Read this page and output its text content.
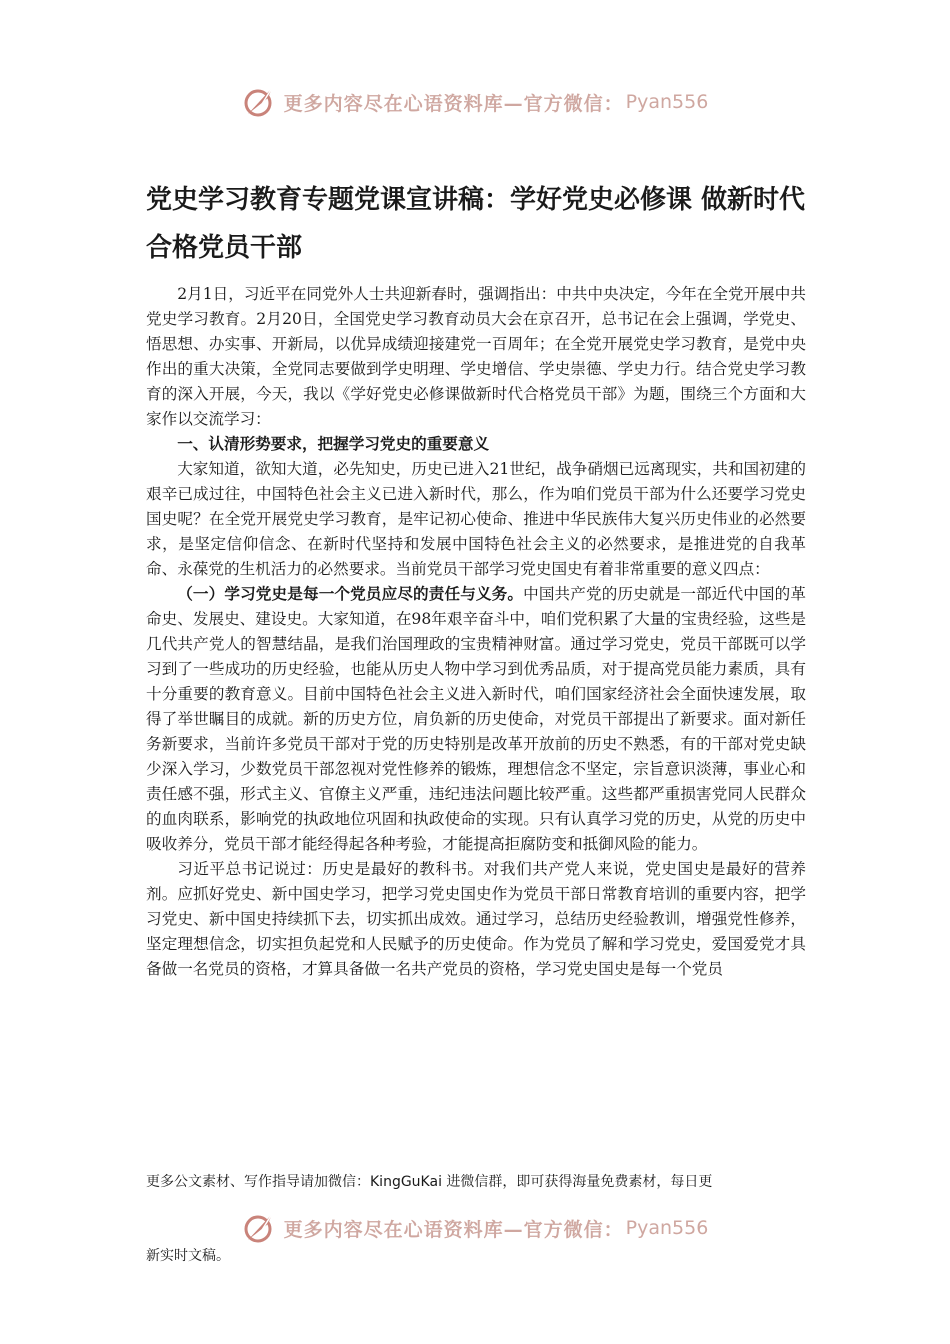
更多内容尽在心语资料库—官方微信： Pyan556
党史学习教育专题党课宣讲稿：学好党史必修课 做新时代合格党员干部

2月1日，习近平在同党外人士共迎新春时，强调指出：中共中央决定，今年在全党开展中共党史学习教育。2月20日，全国党史学习教育动员大会在京召开，总书记在会上强调，学党史、悟思想、办实事、开新局，以优异成绩迎接建党一百周年；在全党开展党史学习教育，是党中央作出的重大决策，全党同志要做到学史明理、学史增信、学史崇德、学史力行。结合党史学习教育的深入开展，今天，我以《学好党史必修课做新时代合格党员干部》为题，围绕三个方面和大家作以交流学习：

一、认清形势要求，把握学习党史的重要意义

大家知道，欲知大道，必先知史，历史已进入21世纪，战争硝烟已远离现实，共和国初建的艰辛已成过往，中国特色社会主义已进入新时代，那么，作为咱们党员干部为什么还要学习党史国史呢？在全党开展党史学习教育，是牢记初心使命、推进中华民族伟大复兴历史伟业的必然要求，是坚定信仰信念、在新时代坚持和发展中国特色社会主义的必然要求，是推进党的自我革命、永葆党的生机活力的必然要求。当前党员干部学习党史国史有着非常重要的意义四点：

（一）学习党史是每一个党员应尽的责任与义务。中国共产党的历史就是一部近代中国的革命史、发展史、建设史。大家知道，在98年艰辛奋斗中，咱们党积累了大量的宝贵经验，这些是几代共产党人的智慧结晶，是我们治国理政的宝贵精神财富。通过学习党史，党员干部既可以学习到了一些成功的历史经验，也能从历史人物中学习到优秀品质，对于提高党员能力素质，具有十分重要的教育意义。目前中国特色社会主义进入新时代，咱们国家经济社会全面快速发展，取得了举世瞩目的成就。新的历史方位，肩负新的历史使命，对党员干部提出了新要求。面对新任务新要求，当前许多党员干部对于党的历史特别是改革开放前的历史不熟悉，有的干部对党史缺少深入学习，少数党员干部忽视对党性修养的锻炼，理想信念不坚定，宗旨意识淡薄，事业心和责任感不强，形式主义、官僚主义严重，违纪违法问题比较严重。这些都严重损害党同人民群众的血肉联系，影响党的执政地位巩固和执政使命的实现。只有认真学习党的历史，从党的历史中吸收养分，党员干部才能经得起各种考验，才能提高拒腐防变和抵御风险的能力。

习近平总书记说过：历史是最好的教科书。对我们共产党人来说，党史国史是最好的营养剂。应抓好党史、新中国史学习，把学习党史国史作为党员干部日常教育培训的重要内容，把学习党史、新中国史持续抓下去，切实抓出成效。通过学习，总结历史经验教训，增强党性修养，坚定理想信念，切实担负起党和人民赋予的历史使命。作为党员了解和学习党史，爱国爱党才具备做一名党员的资格，才算具备做一名共产党员的资格，学习党史国史是每一个党员

更多公文素材、写作指导请加微信：KingGuKai 进微信群，即可获得海量免费素材，每日更
更多内容尽在心语资料库—官方微信： Pyan556
新实时文稿。
